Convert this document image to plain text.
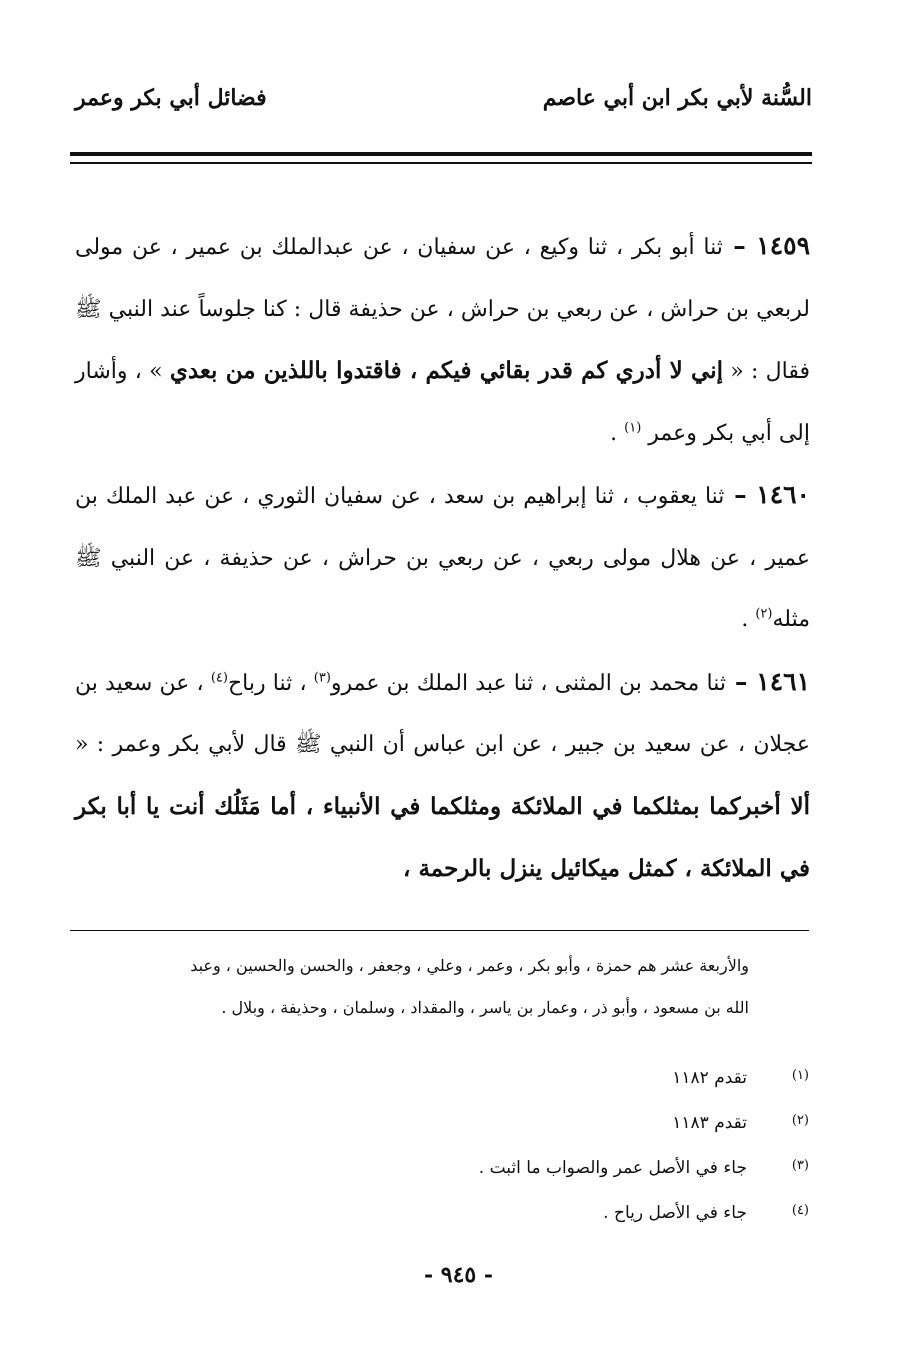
السُّنة لأبي بكر ابن أبي عاصم
فضائل أبي بكر وعمر

١٤٥٩ – ثنا أبو بكر ، ثنا وكيع ، عن سفيان ، عن عبدالملك بن عمير ، عن مولى لربعي بن حراش ، عن ربعي بن حراش ، عن حذيفة قال : كنا جلوساً عند النبي ﷺ فقال : « إني لا أدري كم قدر بقائي فيكم ، فاقتدوا باللذين من بعدي » ، وأشار إلى أبي بكر وعمر $^{(١)}$ .

١٤٦٠ – ثنا يعقوب ، ثنا إبراهيم بن سعد ، عن سفيان الثوري ، عن عبد الملك بن عمير ، عن هلال مولى ربعي ، عن ربعي بن حراش ، عن حذيفة ، عن النبي ﷺ مثله$^{(٢)}$ .

١٤٦١ – ثنا محمد بن المثنى ، ثنا عبد الملك بن عمرو$^{(٣)}$ ، ثنا رباح$^{(٤)}$ ، عن سعيد بن عجلان ، عن سعيد بن جبير ، عن ابن عباس أن النبي ﷺ قال لأبي بكر وعمر : « ألا أخبركما بمثلكما في الملائكة ومثلكما في الأنبياء ، أما مَثَلُك أنت يا أبا بكر في الملائكة ، كمثل ميكائيل ينزل بالرحمة ،

والأربعة عشر هم حمزة ، وأبو بكر ، وعمر ، وعلي ، وجعفر ، والحسن والحسين ، وعبد

الله بن مسعود ، وأبو ذر ، وعمار بن ياسر ، والمقداد ، وسلمان ، وحذيفة ، وبلال .

(١)
تقدم ١١٨٢
(٢)
تقدم ١١٨٣
(٣)
جاء في الأصل عمر والصواب ما اثبت .
(٤)
جاء في الأصل رياح .
- ٩٤٥ -
